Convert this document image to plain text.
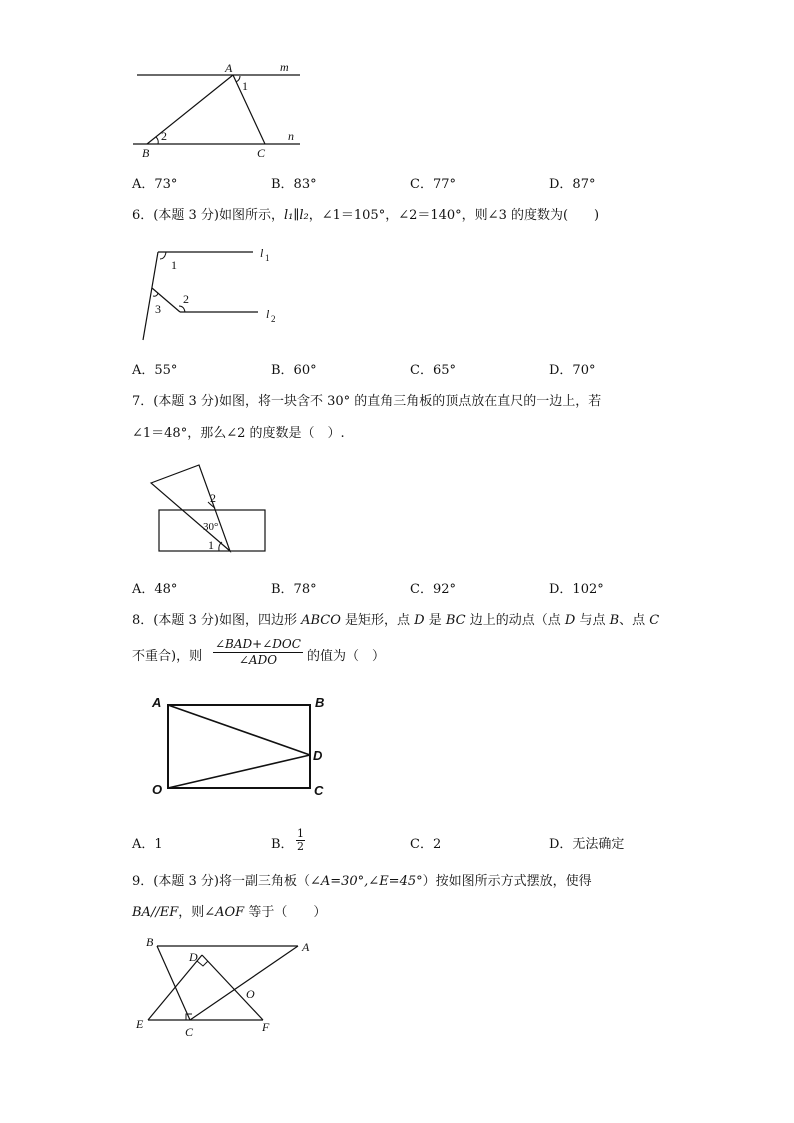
A	m
1
2	n
B	C
A．73°	B．83°	C．77°	D．87°
6．(本题 3 分)如图所示，l₁∥l₂，∠1＝105°，∠2＝140°，则∠3 的度数为(　　)
1
2
3
l 1
l 2
A．55°	B．60°	C．65°	D．70°
7．(本题 3 分)如图，将一块含不 30° 的直角三角板的顶点放在直尺的一边上，若
∠1＝48°，那么∠2 的度数是（　）.
2
30°
1
A．48°	B．78°	C．92°	D．102°
8．(本题 3 分)如图，四边形 ABCO 是矩形，点 D 是 BC 边上的动点（点 D 与点 B、点 C
不重合)，则
∠BAD+∠DOC
∠ADO	的值为（　）
A	B
D
O	C
A．1	B．	C．2	D．无法确定
$\frac{1}{2}$
9．(本题 3 分)将一副三角板（∠A=30°,∠E=45°）按如图所示方式摆放，使得
BA//EF，则∠AOF 等于（　　）
B	A
D
O
E
C	F
